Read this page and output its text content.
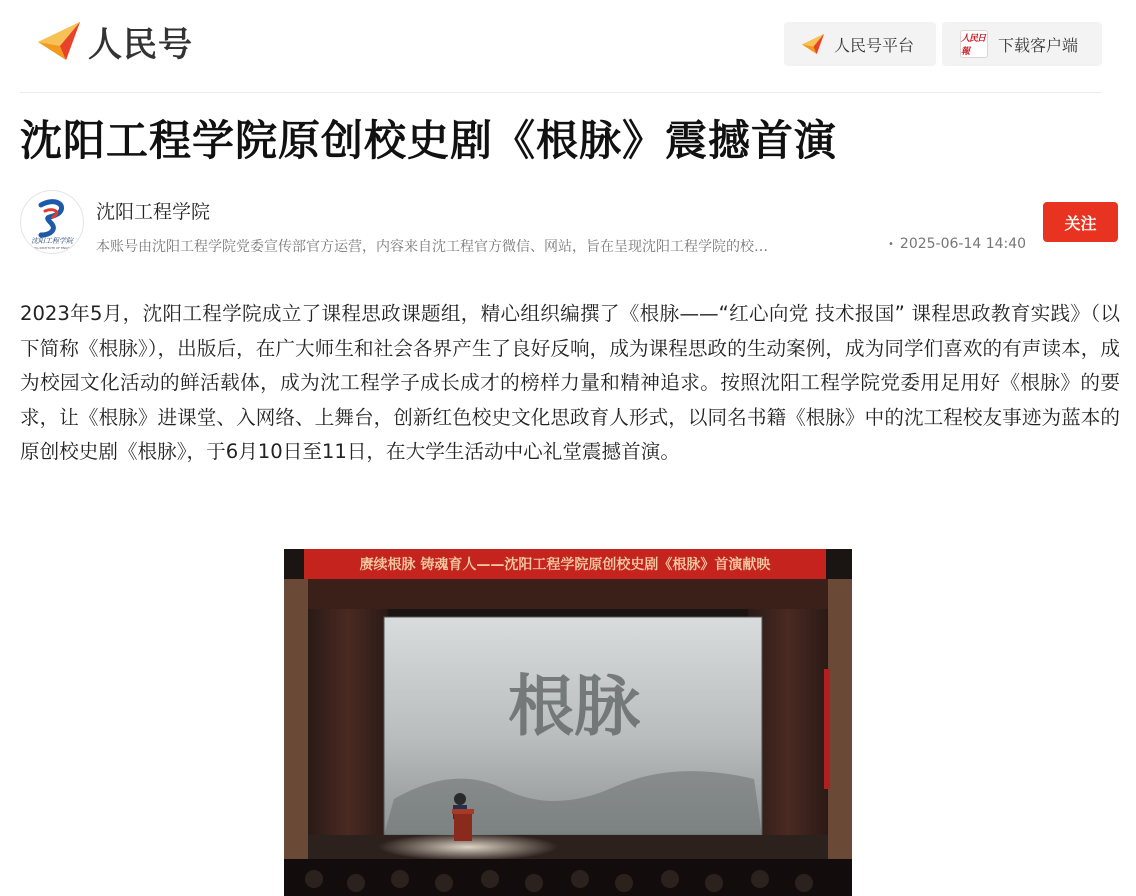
人民号	人民号平台	人民日報	下载客户端
沈阳工程学院原创校史剧《根脉》震撼首演
沈阳工程学院
SHENYANG INSTITUTE OF ENGINEERING
沈阳工程学院
本账号由沈阳工程学院党委宣传部官方运营，内容来自沈工程官方微信、网站，旨在呈现沈阳工程学院的校…	• 2025-06-14 14:40
关注

2023年5月，沈阳工程学院成立了课程思政课题组，精心组织编撰了《根脉——“红心向党 技术报国” 课程思政教育实践》（以下简称《根脉》），出版后，在广大师生和社会各界产生了良好反响，成为课程思政的生动案例，成为同学们喜欢的有声读本，成为校园文化活动的鲜活载体，成为沈工程学子成长成才的榜样力量和精神追求。按照沈阳工程学院党委用足用好《根脉》的要求，让《根脉》进课堂、入网络、上舞台，创新红色校史文化思政育人形式，以同名书籍《根脉》中的沈工程校友事迹为蓝本的原创校史剧《根脉》，于6月10日至11日，在大学生活动中心礼堂震撼首演。

赓续根脉 铸魂育人——沈阳工程学院原创校史剧《根脉》首演献映
根脉
